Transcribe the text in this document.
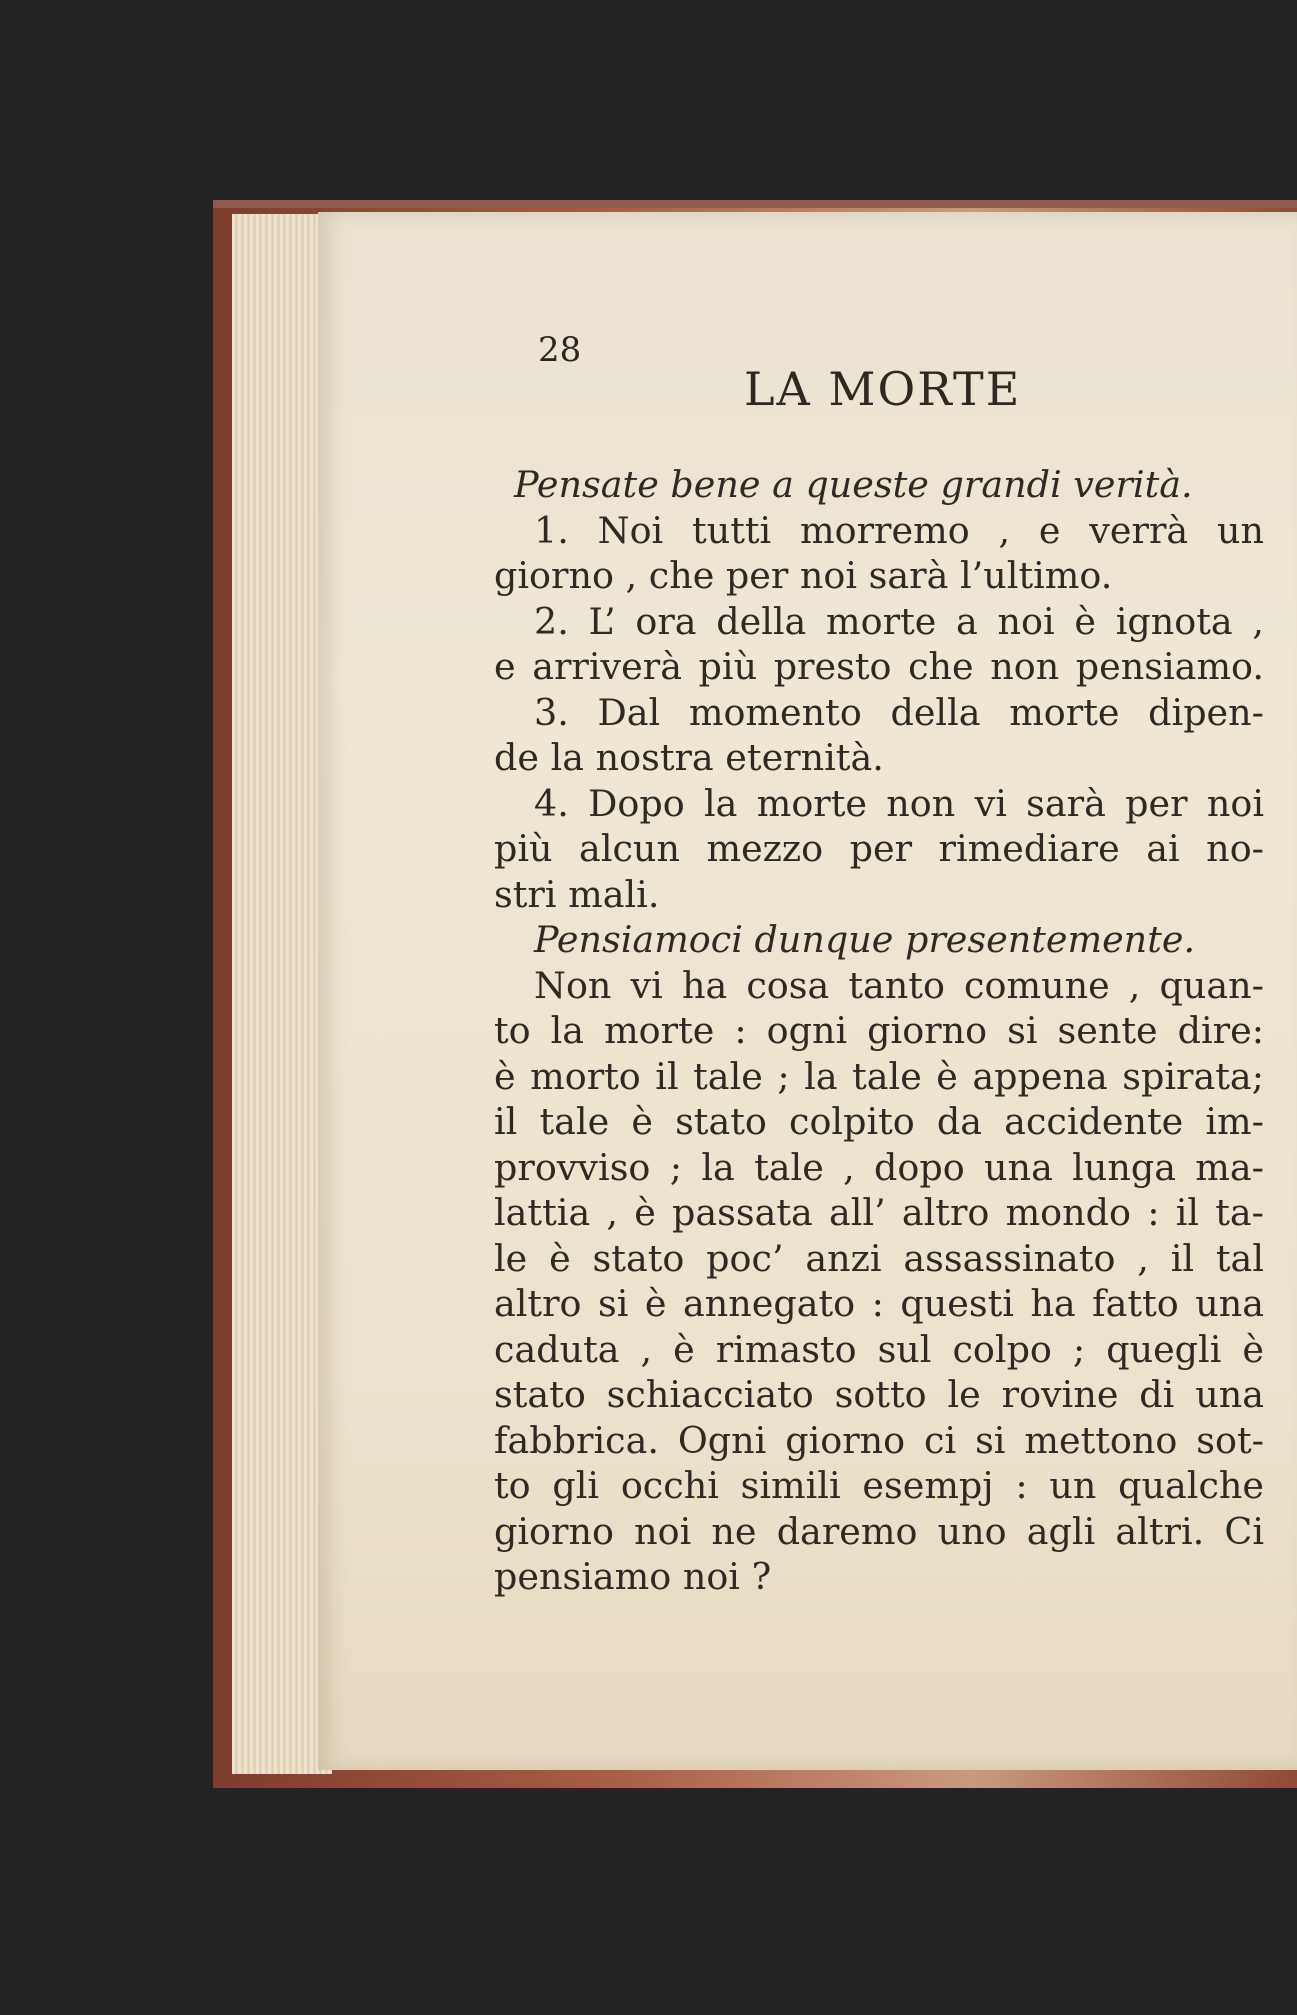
28
LA MORTE
Pensate bene a queste grandi verità.
1. Noi tutti morremo , e verrà un
giorno , che per noi sarà l’ultimo.
2. L’ ora della morte a noi è ignota ,
e arriverà più presto che non pensiamo.
3. Dal momento della morte dipen-
de la nostra eternità.
4. Dopo la morte non vi sarà per noi
più alcun mezzo per rimediare ai no-
stri mali.
Pensiamoci dunque presentemente.
Non vi ha cosa tanto comune , quan-
to la morte : ogni giorno si sente dire:
è morto il tale ; la tale è appena spirata;
il tale è stato colpito da accidente im-
provviso ; la tale , dopo una lunga ma-
lattia , è passata all’ altro mondo : il ta-
le è stato poc’ anzi assassinato , il tal
altro si è annegato : questi ha fatto una
caduta , è rimasto sul colpo ; quegli è
stato schiacciato sotto le rovine di una
fabbrica. Ogni giorno ci si mettono sot-
to gli occhi simili esempj : un qualche
giorno noi ne daremo uno agli altri. Ci
pensiamo noi ?
